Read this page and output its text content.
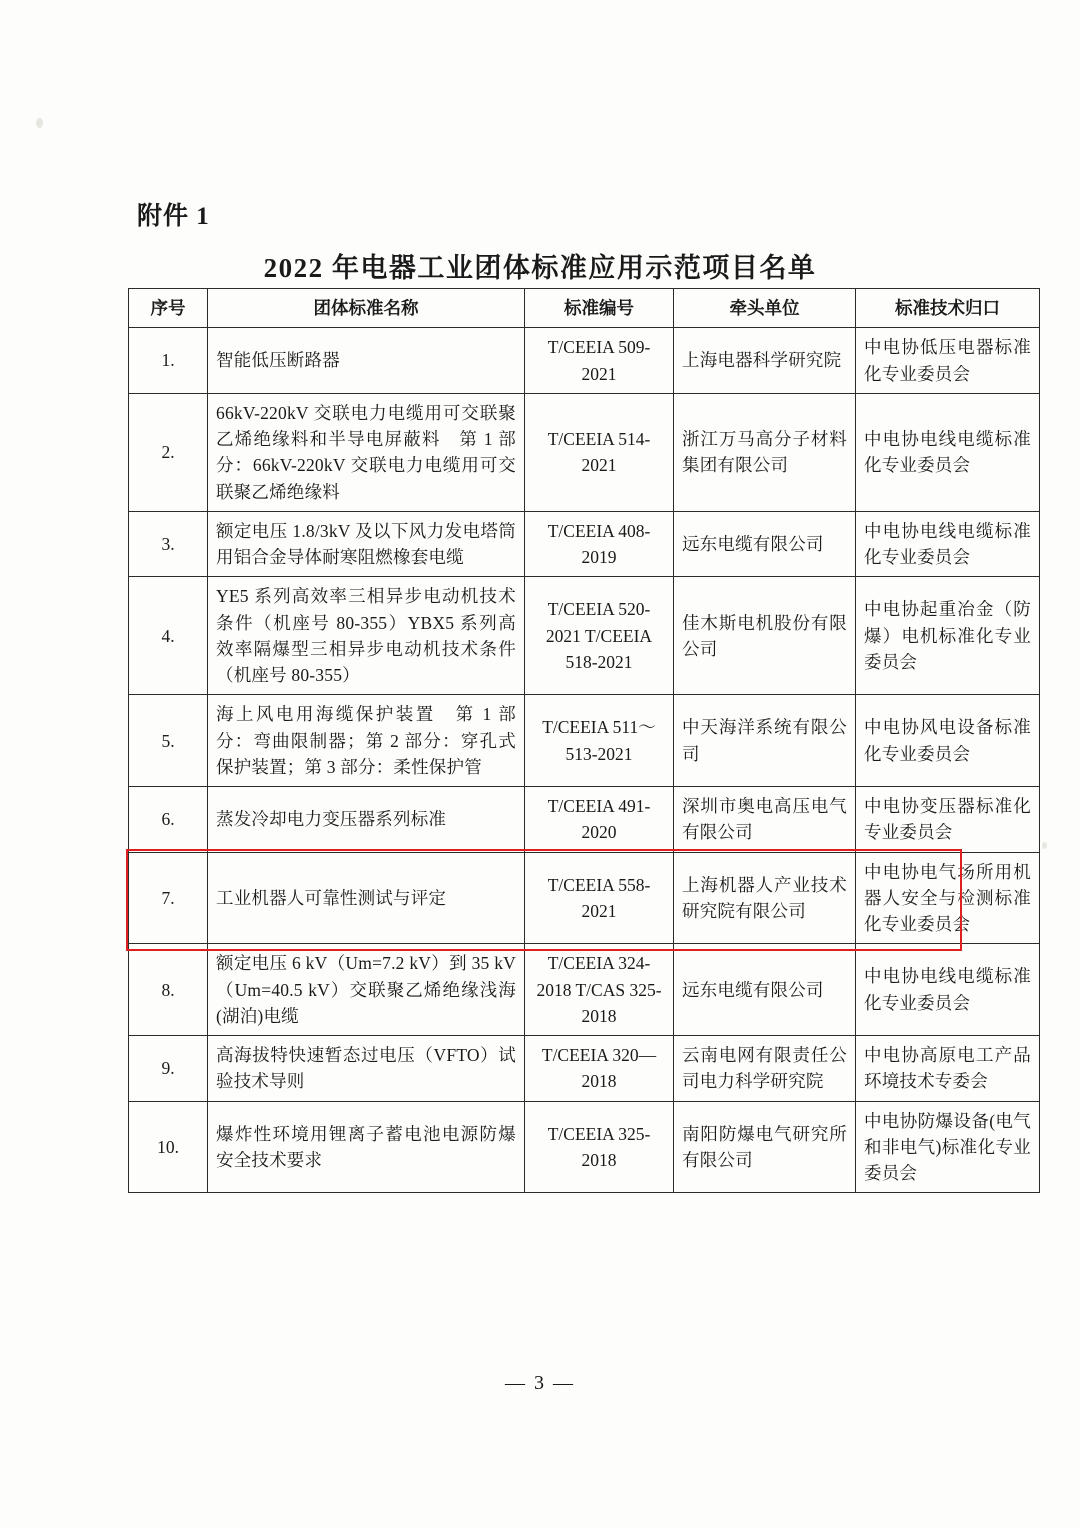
附件 1
2022 年电器工业团体标准应用示范项目名单
序号	团体标准名称	标准编号	牵头单位	标准技术归口
1.	智能低压断路器	T/CEEIA 509-2021	上海电器科学研究院	中电协低压电器标准化专业委员会
2.	66kV-220kV 交联电力电缆用可交联聚乙烯绝缘料和半导电屏蔽料　第 1 部分：66kV-220kV 交联电力电缆用可交联聚乙烯绝缘料	T/CEEIA 514-2021	浙江万马高分子材料集团有限公司	中电协电线电缆标准化专业委员会
3.	额定电压 1.8/3kV 及以下风力发电塔筒用铝合金导体耐寒阻燃橡套电缆	T/CEEIA 408-2019	远东电缆有限公司	中电协电线电缆标准化专业委员会
4.	YE5 系列高效率三相异步电动机技术条件（机座号 80-355）YBX5 系列高效率隔爆型三相异步电动机技术条件（机座号 80-355）	T/CEEIA 520-2021 T/CEEIA 518-2021	佳木斯电机股份有限公司	中电协起重冶金（防爆）电机标准化专业委员会
5.	海上风电用海缆保护装置　第 1 部分：弯曲限制器；第 2 部分：穿孔式保护装置；第 3 部分：柔性保护管	T/CEEIA 511～ 513-2021	中天海洋系统有限公司	中电协风电设备标准化专业委员会
6.	蒸发冷却电力变压器系列标准	T/CEEIA 491-2020	深圳市奥电高压电气有限公司	中电协变压器标准化专业委员会
7.	工业机器人可靠性测试与评定	T/CEEIA 558-2021	上海机器人产业技术研究院有限公司	中电协电气场所用机器人安全与检测标准化专业委员会
8.	额定电压 6 kV（Um=7.2 kV）到 35 kV（Um=40.5 kV）交联聚乙烯绝缘浅海(湖泊)电缆	T/CEEIA 324-2018 T/CAS 325-2018	远东电缆有限公司	中电协电线电缆标准化专业委员会
9.	高海拔特快速暂态过电压（VFTO）试验技术导则	T/CEEIA 320—2018	云南电网有限责任公司电力科学研究院	中电协高原电工产品环境技术专委会
10.	爆炸性环境用锂离子蓄电池电源防爆安全技术要求	T/CEEIA 325-2018	南阳防爆电气研究所有限公司	中电协防爆设备(电气和非电气)标准化专业委员会
— 3 —
